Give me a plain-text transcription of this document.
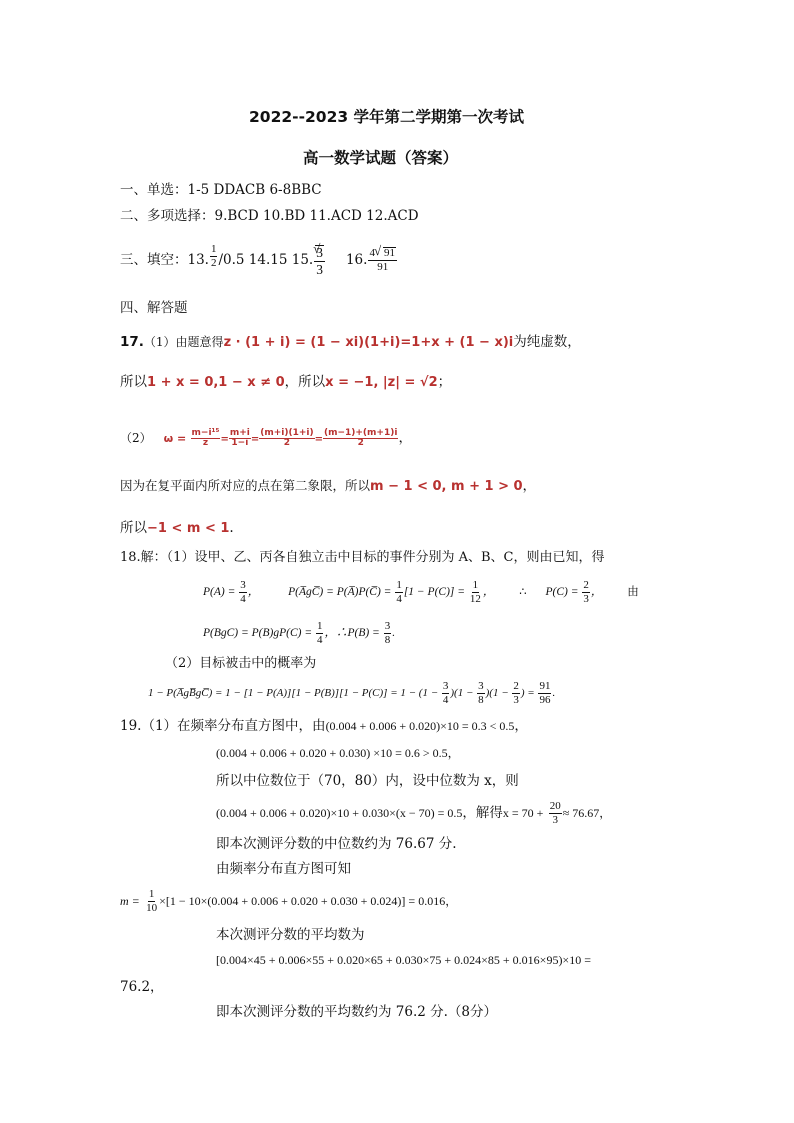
2022--2023 学年第二学期第一次考试
高一数学试题（答案）
一、单选：1-5 DDACB 6-8BBC
二、多项选择：9.BCD 10.BD 11.ACD 12.ACD
三、填空：13. $\frac{1}{2} /0.5$ 14.15 15. √ $\frac{3}{3} 16$. $\frac{4 √ 91}{91}$
四、解答题
17.（1）由题意得z · (1 + i) = (1 − xi)(1+i)=1+x + (1 − x)i为纯虚数，
所以1 + x = 0,1 − x ≠ 0，所以x = −1, |z| = √2；
（2） $\omega = \frac{\text{m−i¹⁵}}{z} = \frac{m+i}{1-i} = \frac{(m+i)(1+i)}{2} = \frac{(m-1)+(m+1)i}{2}$ ，
因为在复平面内所对应的点在第二象限，所以m − 1 < 0, m + 1 > 0，
所以−1 < m < 1.
18.解：（1）设甲、乙、丙各自独立击中目标的事件分别为 A、B、C，则由已知，得
$P(A) = \frac{3}{4}$ ，	P(A̅gC̅) = P(A̅)P(C̅) = $\frac{1}{4} [1 - P(C)] = \frac{1}{12}$ ， ∴ $P(C) = \frac{2}{3}$ ， 由
$P(BgC) = P(B)gP(C) = \frac{1}{4}$ ，∴P(B) = $\frac{3}{8}$ .
（2）目标被击中的概率为
1 − P(A̅gB̅gC̅) = $1 - [1 - P(A)][1 - P(B)][1 - P(C)] = 1 - (1 - \frac{3}{4} )(1 - \frac{3}{8} )(1 - \frac{2}{3}$ ) = $\frac{91}{96}$ .
19.（1）在频率分布直方图中，由(0.004 + 0.006 + 0.020)×10 = 0.3 < 0.5，
(0.004 + 0.006 + 0.020 + 0.030) ×10 = 0.6 > 0.5，
所以中位数位于（70，80）内，设中位数为 x，则
(0.004 + 0.006 + 0.020)×10 + 0.030×(x − 70) = 0.5，解得$x = 70 + \frac{20}{3} \approx 76.67$，
即本次测评分数的中位数约为 76.67 分.
由频率分布直方图可知
$m = \frac{1}{10} \times[1 - 10\times(0.004 + 0.006 + 0.020 + 0.030 + 0.024)] = 0.016$，
本次测评分数的平均数为
[0.004×45 + 0.006×55 + 0.020×65 + 0.030×75 + 0.024×85 + 0.016×95)×10 =
76.2，
即本次测评分数的平均数约为 76.2 分.（8分）
